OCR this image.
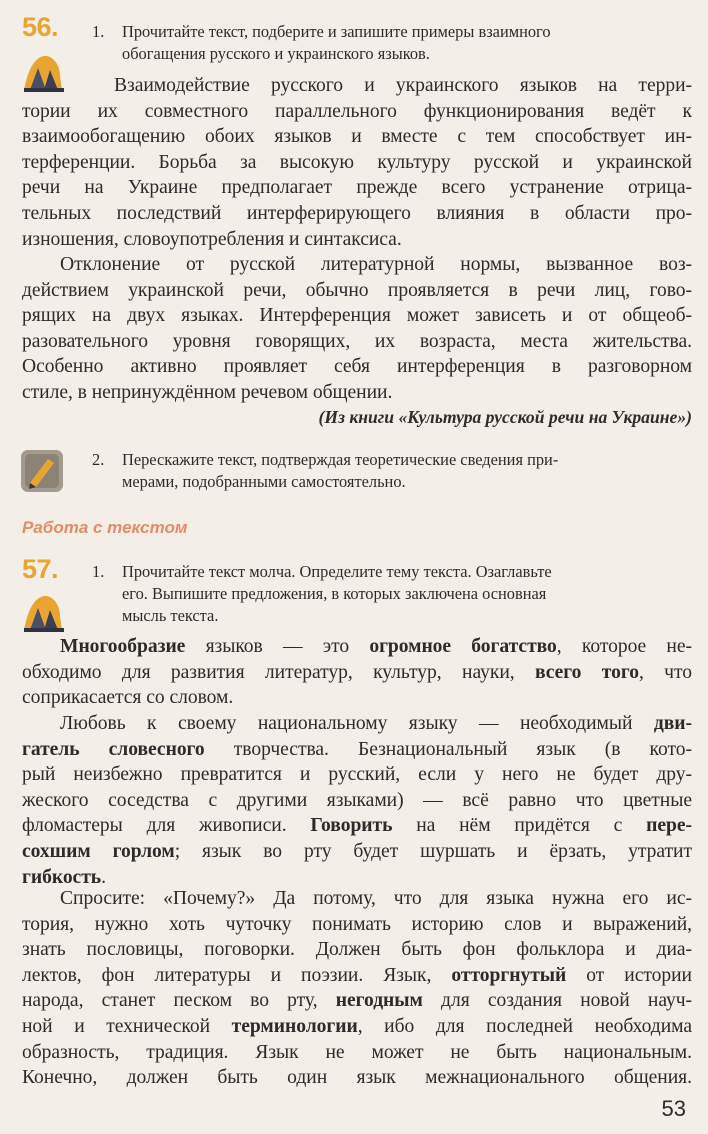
56. 1.	Прочитайте текст, подберите и запишите примеры взаимного
обогащения русского и украинского языков.
Взаимодействие русского и украинского языков на терри-
тории их совместного параллельного функционирования ведёт к
взаимообогащению обоих языков и вместе с тем способствует ин-
терференции. Борьба за высокую культуру русской и украинской
речи на Украине предполагает прежде всего устранение отрица-
тельных последствий интерферирующего влияния в области про-
изношения, словоупотребления и синтаксиса.
Отклонение от русской литературной нормы, вызванное воз-
действием украинской речи, обычно проявляется в речи лиц, гово-
рящих на двух языках. Интерференция может зависеть и от общеоб-
разовательного уровня говорящих, их возраста, места жительства.
Особенно активно проявляет себя интерференция в разговорном
стиле, в непринуждённом речевом общении.
(Из книги «Культура русской речи на Украине»)
2.	Перескажите текст, подтверждая теоретические сведения при-
мерами, подобранными самостоятельно.
Работа с текстом
57. 1.	Прочитайте текст молча. Определите тему текста. Озаглавьте
его. Выпишите предложения, в которых заключена основная
мысль текста.
Многообразие языков — это огромное богатство, которое не-
обходимо для развития литератур, культур, науки, всего того, что
соприкасается со словом.
Любовь к своему национальному языку — необходимый дви-
гатель словесного творчества. Безнациональный язык (в кото-
рый неизбежно превратится и русский, если у него не будет дру-
жеского соседства с другими языками) — всё равно что цветные
фломастеры для живописи. Говорить на нём придётся с пере-
сохшим горлом; язык во рту будет шуршать и ёрзать, утратит
гибкость.
Спросите: «Почему?» Да потому, что для языка нужна его ис-
тория, нужно хоть чуточку понимать историю слов и выражений,
знать пословицы, поговорки. Должен быть фон фольклора и диа-
лектов, фон литературы и поэзии. Язык, отторгнутый от истории
народа, станет песком во рту, негодным для создания новой науч-
ной и технической терминологии, ибо для последней необходима
образность, традиция. Язык не может не быть национальным.
Конечно, должен быть один язык межнационального общения.
53
